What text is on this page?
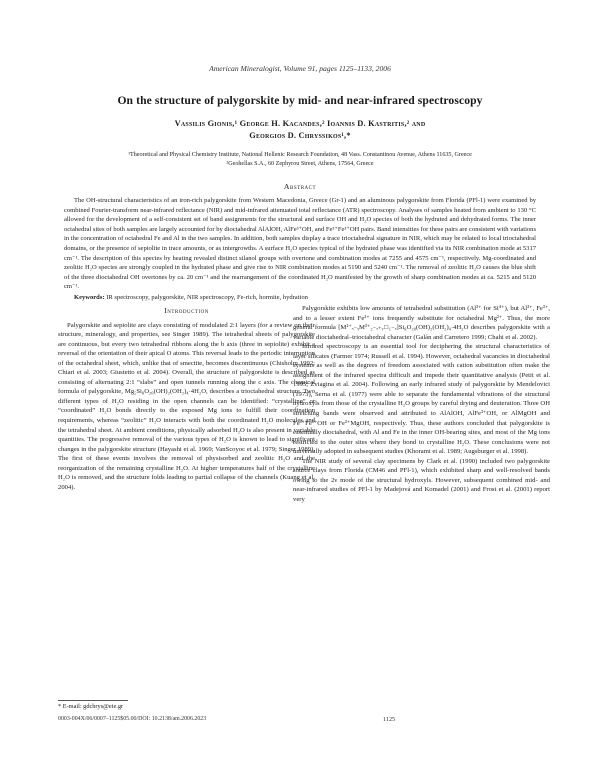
American Mineralogist, Volume 91, pages 1125–1133, 2006
On the structure of palygorskite by mid- and near-infrared spectroscopy
Vassilis Gionis,¹ George H. Kacandes,² Ioannis D. Kastritis,² and
Georgios D. Chryssikos¹,*
¹Theoretical and Physical Chemistry Institute, National Hellenic Research Foundation, 48 Vass. Constantinou Avenue, Athens 11635, Greece
²Geohellas S.A., 60 Zephyrou Street, Athens, 17564, Greece
Abstract

The OH-structural characteristics of an iron-rich palygorskite from Western Macedonia, Greece (Gr-1) and an aluminous palygorskite from Florida (PFl-1) were examined by combined Fourier-transform near-infrared reflectance (NIR) and mid-infrared attenuated total reflectance (ATR) spectroscopy. Analyses of samples heated from ambient to 130 °C allowed for the development of a self-consistent set of band assignments for the structural and surface OH and H₂O species of both the hydrated and dehydrated forms. The inner octahedral sites of both samples are largely accounted for by dioctahedral AlAlOH, AlFe³⁺OH, and Fe³⁺Fe³⁺OH pairs. Band intensities for these pairs are consistent with variations in the concentration of octahedral Fe and Al in the two samples. In addition, both samples display a trace trioctahedral signature in NIR, which may be related to local trioctahedral domains, or the presence of sepiolite in trace amounts, or as intergrowths. A surface H₂O species typical of the hydrated phase was identified via its NIR combination mode at 5317 cm⁻¹. The description of this species by heating revealed distinct silanol groups with overtone and combination modes at 7255 and 4575 cm⁻¹, respectively. Mg-coordinated and zeolitic H₂O species are strongly coupled in the hydrated phase and give rise to NIR combination modes at 5190 and 5240 cm⁻¹. The removal of zeolitic H₂O causes the blue shift of the three dioctahedral OH overtones by ca. 20 cm⁻¹ and the rearrangement of the coordinated H₂O manifested by the growth of sharp combination modes at ca. 5215 and 5120 cm⁻¹.

Keywords: IR spectroscopy, palygorskite, NIR spectroscopy, Fe-rich, hormite, hydration

Introduction

Palygorskite and sepiolite are clays consisting of modulated 2:1 layers (for a review on their structure, mineralogy, and properties, see Singer 1989). The tetrahedral sheets of palygorskite are continuous, but every two tetrahedral ribbons along the b axis (three in sepiolite) exhibit a reversal of the orientation of their apical O atoms. This reversal leads to the periodic interruption of the octahedral sheet, which, unlike that of smectite, becomes discontinuous (Chisholm 1992; Chiari et al. 2003; Giustetto et al. 2004). Overall, the structure of palygorskite is described as consisting of alternating 2:1 “slabs” and open tunnels running along the c axis. The chemical formula of palygorskite, Mg₅Si₈O₂₀(OH)₂(OH₂)₄·4H₂O, describes a trioctahedral structure. Two different types of H₂O residing in the open channels can be identified: “crystalline” or “coordinated” H₂O bonds directly to the exposed Mg ions to fulfill their coordination requirements, whereas “zeolitic” H₂O interacts with both the coordinated H₂O molecules and the tetrahedral sheet. At ambient conditions, physically adsorbed H₂O is also present in variable quantities. The progressive removal of the various types of H₂O is known to lead to significant changes in the palygorskite structure (Hayashi et al. 1969; VanScoyoc et al. 1979; Singer 1989). The first of these events involves the removal of physisorbed and zeolitic H₂O and the reorganization of the remaining crystalline H₂O. At higher temperatures half of the crystalline H₂O is removed, and the structure folds leading to partial collapse of the channels (Kuang et al. 2004).

Palygorskite exhibits low amounts of tetrahedral substitution (Al³⁺ for Si⁴⁺), but Al³⁺, Fe³⁺, and to a lesser extent Fe²⁺ ions frequently substitute for octahedral Mg²⁺. Thus, the more general formula [M²⁺ₓ₋ᵧM³⁺₂₋ₓ₊ᵧ□₁₋ₓ]Si₈O₂₀(OH)₂(OH₂)₄·4H₂O describes palygorskite with a variable dioctahedral–trioctahedral character (Galán and Carretero 1999; Chahi et al. 2002).

Infrared spectroscopy is an essential tool for deciphering the structural characteristics of layer silicates (Farmer 1974; Russell et al. 1994). However, octahedral vacancies in dioctahedral systems as well as the degrees of freedom associated with cation substitution often make the assignment of the infrared spectra difficult and impede their quantitative analysis (Petit et al. 1995; Zviagina et al. 2004). Following an early infrared study of palygorskite by Mendelovici (1973), Serna et al. (1977) were able to separate the fundamental vibrations of the structural hydroxyls from those of the crystalline H₂O groups by careful drying and deuteration. Three OH stretching bands were observed and attributed to AlAlOH, AlFe³⁺OH, or AlMgOH and Fe³⁺Fe³⁺OH or Fe³⁺MgOH, respectively. Thus, these authors concluded that palygorskite is essentially dioctahedral, with Al and Fe in the inner OH-bearing sites, and most of the Mg ions restricted to the outer sites where they bond to crystalline H₂O. These conclusions were not universally adopted in subsequent studies (Khorami et al. 1989; Augsburger et al. 1998).

The NIR study of several clay specimens by Clark et al. (1990) included two palygorskite source clays from Florida (CM46 and PFl-1), which exhibited sharp and well-resolved bands owing to the 2ν mode of the structural hydroxyls. However, subsequent combined mid- and near-infrared studies of PFl-1 by Madejová and Komadel (2001) and Frost et al. (2001) report very

* E-mail: gdchrys@eie.gr
0003-004X/06/0007–1125$05.00/DOI: 10.2138/am.2006.2023	1125
